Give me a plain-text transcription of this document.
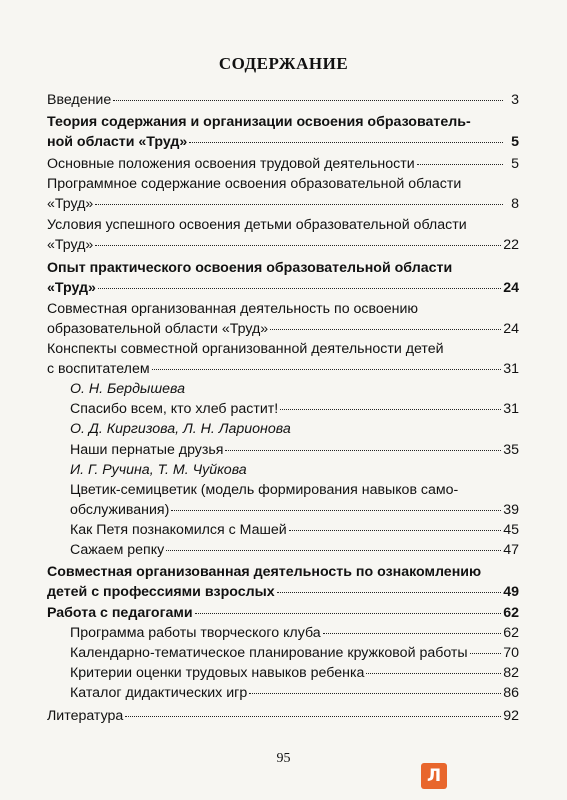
СОДЕРЖАНИЕ
Введение	3
Теория содержания и организации освоения образователь-
ной области «Труд»	5
Основные положения освоения трудовой деятельности	5
Программное содержание освоения образовательной области
«Труд»	8
Условия успешного освоения детьми образовательной области
«Труд»	22
Опыт практического освоения образовательной области
«Труд»	24
Совместная организованная деятельность по освоению
образовательной области «Труд»	24
Конспекты совместной организованной деятельности детей
с воспитателем	31
О. Н. Бердышева
Спасибо всем, кто хлеб растит!	31
О. Д. Киргизова, Л. Н. Ларионова
Наши пернатые друзья	35
И. Г. Ручина, Т. М. Чуйкова
Цветик-семицветик (модель формирования навыков само-
обслуживания)	39
Как Петя познакомился с Машей	45
Сажаем репку	47
Совместная организованная деятельность по ознакомлению
детей с профессиями взрослых	49
Работа с педагогами	62
Программа работы творческого клуба	62
Календарно-тематическое планирование кружковой работы	70
Критерии оценки трудовых навыков ребенка	82
Каталог дидактических игр	86
Литература	92
95
Л
